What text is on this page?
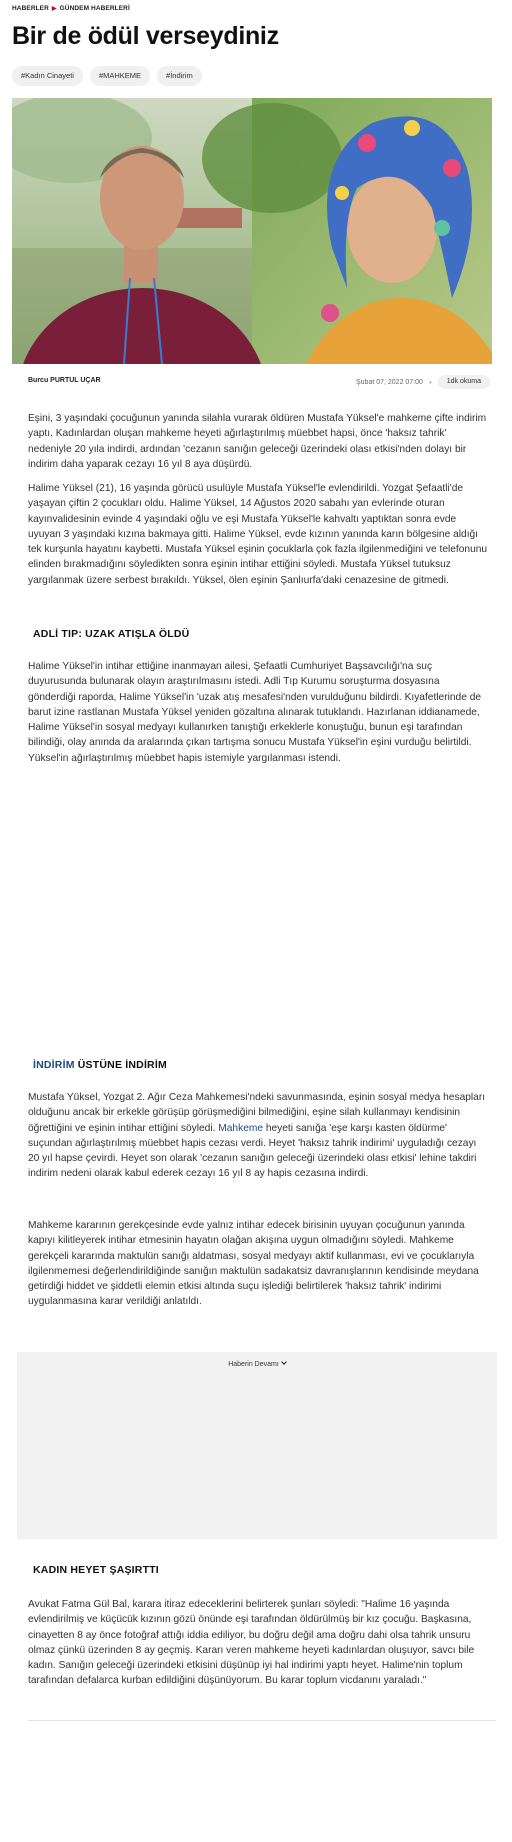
HABERLER ▶ GÜNDEM HABERLERİ
Bir de ödül verseydiniz
#Kadın Cinayeti	#MAHKEME	#İndirim
Burcu PURTUL UÇAR	Şubat 07, 2022 07:00 •	1dk okuma

Eşini, 3 yaşındaki çocuğunun yanında silahla vurarak öldüren Mustafa Yüksel'e mahkeme çifte indirim yaptı. Kadınlardan oluşan mahkeme heyeti ağırlaştırılmış müebbet hapsi, önce 'haksız tahrik' nedeniyle 20 yıla indirdi, ardından 'cezanın sanığın geleceği üzerindeki olası etkisi'nden dolayı bir indirim daha yaparak cezayı 16 yıl 8 aya düşürdü.

Halime Yüksel (21), 16 yaşında görücü usulüyle Mustafa Yüksel'le evlendirildi. Yozgat Şefaatli'de yaşayan çiftin 2 çocukları oldu. Halime Yüksel, 14 Ağustos 2020 sabahı yan evlerinde oturan kayınvalidesinin evinde 4 yaşındaki oğlu ve eşi Mustafa Yüksel'le kahvaltı yaptıktan sonra evde uyuyan 3 yaşındaki kızına bakmaya gitti. Halime Yüksel, evde kızının yanında karın bölgesine aldığı tek kurşunla hayatını kaybetti. Mustafa Yüksel eşinin çocuklarla çok fazla ilgilenmediğini ve telefonunu elinden bırakmadığını söyledikten sonra eşinin intihar ettiğini söyledi. Mustafa Yüksel tutuksuz yargılanmak üzere serbest bırakıldı. Yüksel, ölen eşinin Şanlıurfa'daki cenazesine de gitmedi.

ADLİ TIP: UZAK ATIŞLA ÖLDÜ

Halime Yüksel'in intihar ettiğine inanmayan ailesi, Şefaatli Cumhuriyet Başsavcılığı'na suç duyurusunda bulunarak olayın araştırılmasını istedi. Adli Tıp Kurumu soruşturma dosyasına gönderdiği raporda, Halime Yüksel'in 'uzak atış mesafesi'nden vurulduğunu bildirdi. Kıyafetlerinde de barut izine rastlanan Mustafa Yüksel yeniden gözaltına alınarak tutuklandı. Hazırlanan iddianamede, Halime Yüksel'in sosyal medyayı kullanırken tanıştığı erkeklerle konuştuğu, bunun eşi tarafından bilindiği, olay anında da aralarında çıkan tartışma sonucu Mustafa Yüksel'in eşini vurduğu belirtildi. Yüksel'in ağırlaştırılmış müebbet hapis istemiyle yargılanması istendi.

İNDİRİM ÜSTÜNE İNDİRİM

Mustafa Yüksel, Yozgat 2. Ağır Ceza Mahkemesi'ndeki savunmasında, eşinin sosyal medya hesapları olduğunu ancak bir erkekle görüşüp görüşmediğini bilmediğini, eşine silah kullanmayı kendisinin öğrettiğini ve eşinin intihar ettiğini söyledi. Mahkeme heyeti sanığa 'eşe karşı kasten öldürme' suçundan ağırlaştırılmış müebbet hapis cezası verdi. Heyet 'haksız tahrik indirimi' uyguladığı cezayı 20 yıl hapse çevirdi. Heyet son olarak 'cezanın sanığın geleceği üzerindeki olası etkisi' lehine takdiri indirim nedeni olarak kabul ederek cezayı 16 yıl 8 ay hapis cezasına indirdi.

Mahkeme kararının gerekçesinde evde yalnız intihar edecek birisinin uyuyan çocuğunun yanında kapıyı kilitleyerek intihar etmesinin hayatın olağan akışına uygun olmadığını söyledi. Mahkeme gerekçeli kararında maktulün sanığı aldatması, sosyal medyayı aktif kullanması, evi ve çocuklarıyla ilgilenmemesi değerlendirildiğinde sanığın maktulün sadakatsiz davranışlarının kendisinde meydana getirdiği hiddet ve şiddetli elemin etkisi altında suçu işlediği belirtilerek 'haksız tahrik' indirimi uygulanmasına karar verildiği anlatıldı.

Haberin Devamı
KADIN HEYET ŞAŞIRTTI

Avukat Fatma Gül Bal, karara itiraz edeceklerini belirterek şunları söyledi: "Halime 16 yaşında evlendirilmiş ve küçücük kızının gözü önünde eşi tarafından öldürülmüş bir kız çocuğu. Başkasına, cinayetten 8 ay önce fotoğraf attığı iddia ediliyor, bu doğru değil ama doğru dahi olsa tahrik unsuru olmaz çünkü üzerinden 8 ay geçmiş. Kararı veren mahkeme heyeti kadınlardan oluşuyor, savcı bile kadın. Sanığın geleceği üzerindeki etkisini düşünüp iyi hal indirimi yaptı heyet. Halime'nin toplum tarafından defalarca kurban edildiğini düşünüyorum. Bu karar toplum vicdanını yaraladı."
